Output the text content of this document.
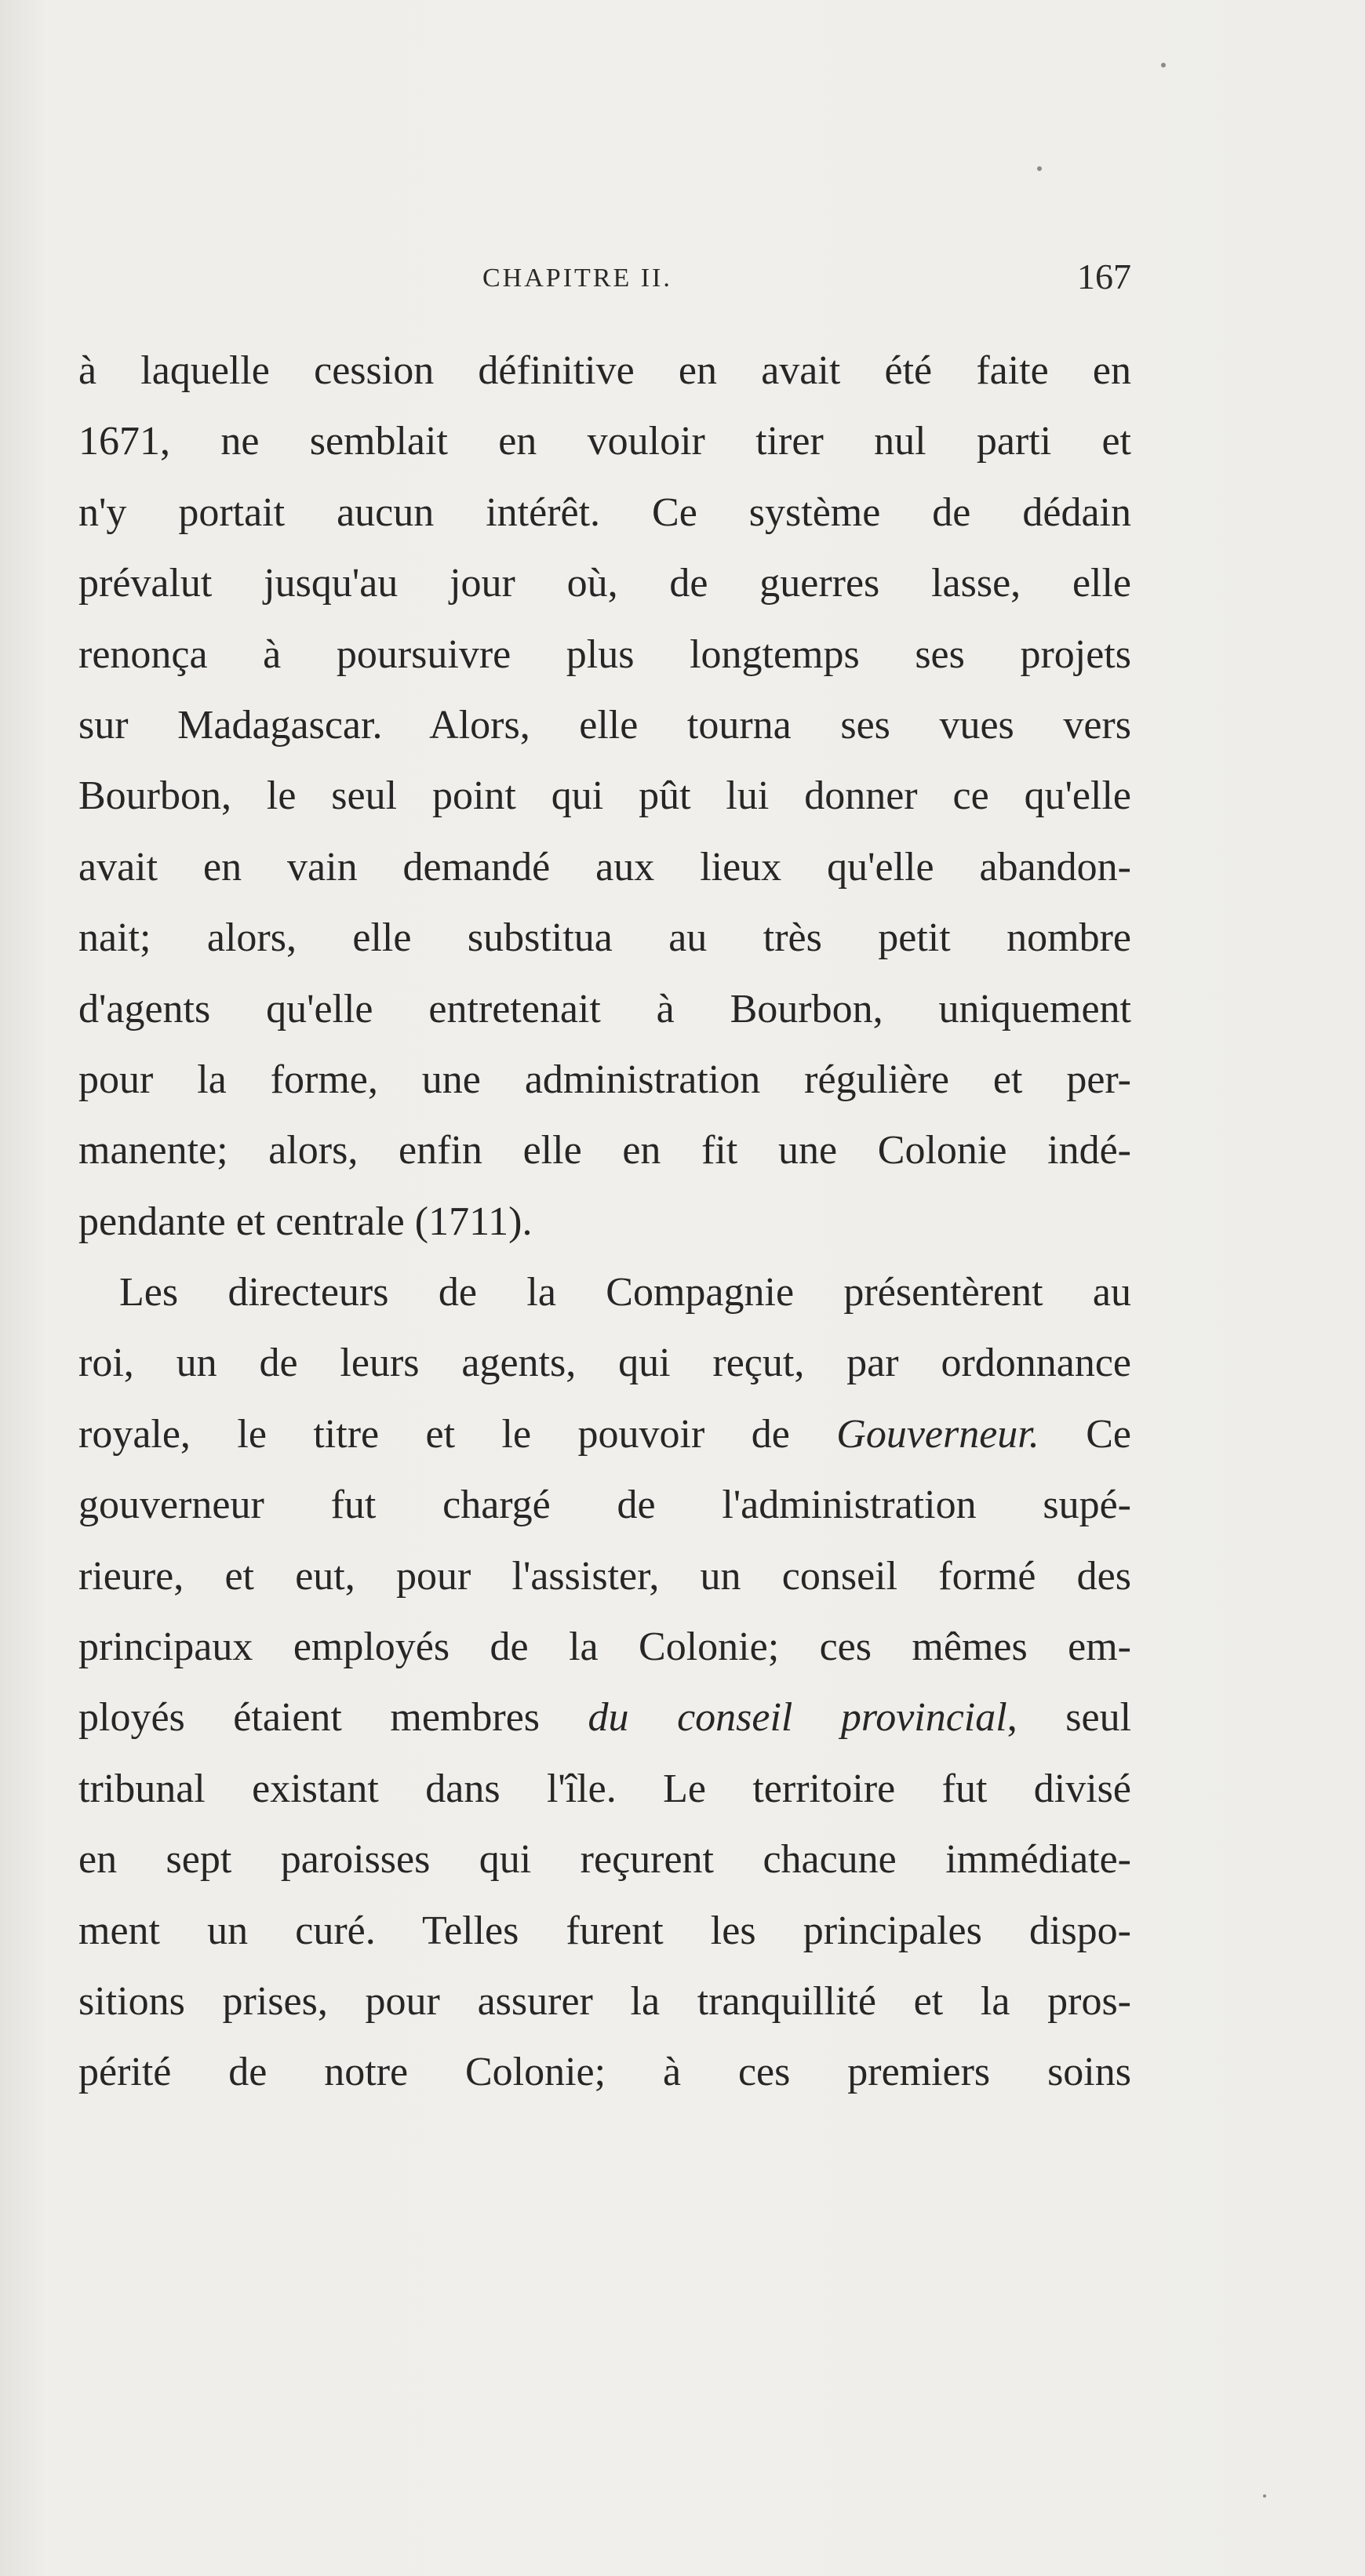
CHAPITRE II.	167
à laquelle cession définitive en avait été faite en
1671, ne semblait en vouloir tirer nul parti et
n'y portait aucun intérêt. Ce système de dédain
prévalut jusqu'au jour où, de guerres lasse, elle
renonça à poursuivre plus longtemps ses projets
sur Madagascar. Alors, elle tourna ses vues vers
Bourbon, le seul point qui pût lui donner ce qu'elle
avait en vain demandé aux lieux qu'elle abandon-
nait; alors, elle substitua au très petit nombre
d'agents qu'elle entretenait à Bourbon, uniquement
pour la forme, une administration régulière et per-
manente; alors, enfin elle en fit une Colonie indé-
pendante et centrale (1711).
Les directeurs de la Compagnie présentèrent au
roi, un de leurs agents, qui reçut, par ordonnance
royale, le titre et le pouvoir de Gouverneur. Ce
gouverneur fut chargé de l'administration supé-
rieure, et eut, pour l'assister, un conseil formé des
principaux employés de la Colonie; ces mêmes em-
ployés étaient membres du conseil provincial, seul
tribunal existant dans l'île. Le territoire fut divisé
en sept paroisses qui reçurent chacune immédiate-
ment un curé. Telles furent les principales dispo-
sitions prises, pour assurer la tranquillité et la pros-
périté de notre Colonie; à ces premiers soins
